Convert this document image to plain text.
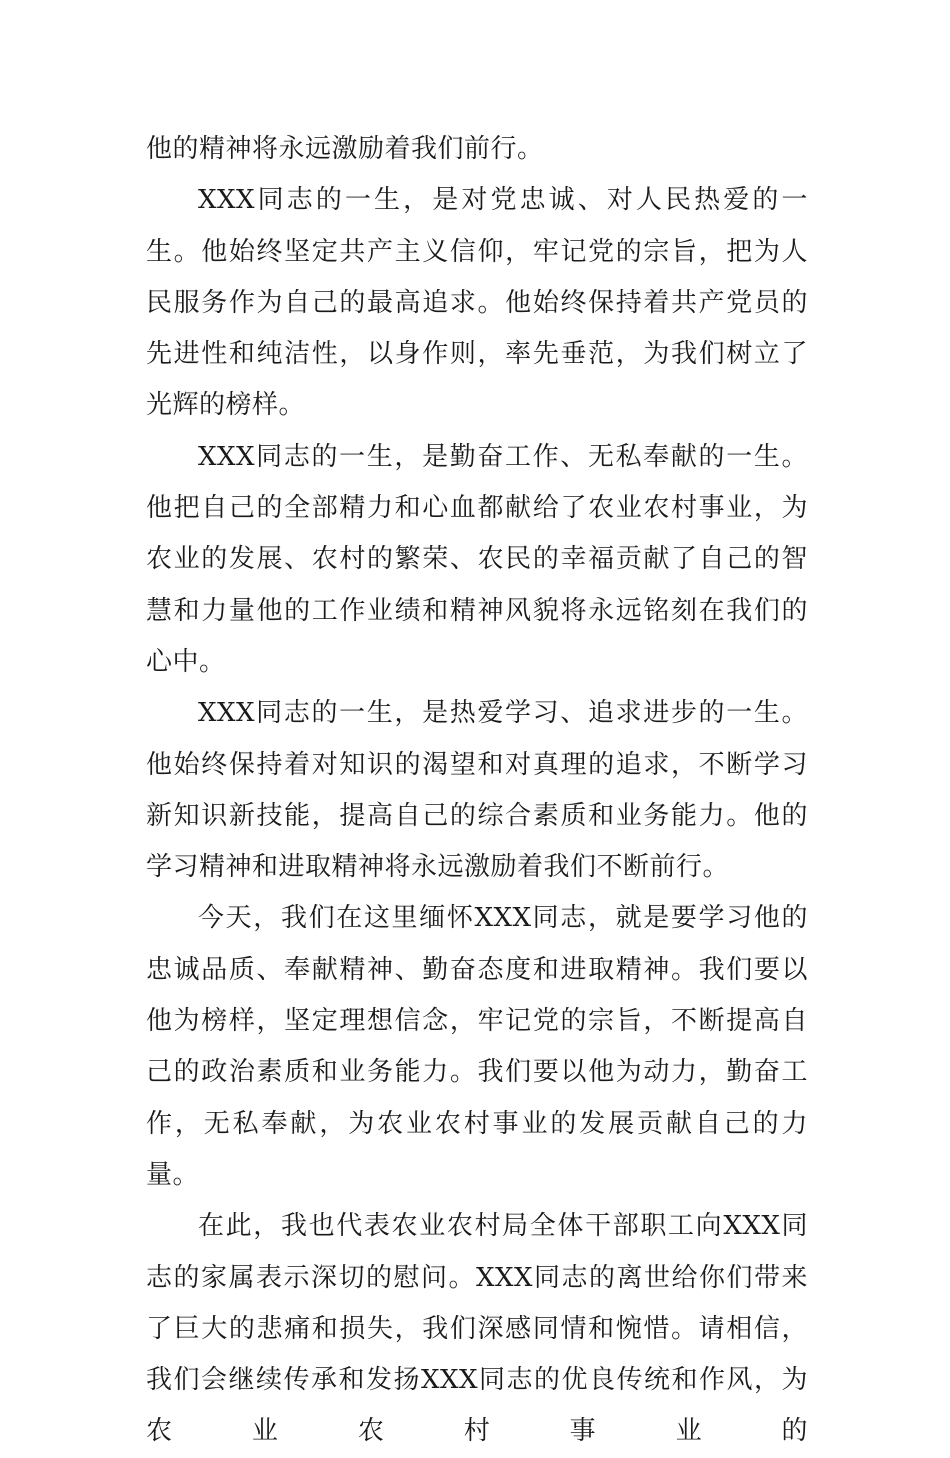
他的精神将永远激励着我们前行。

XXX同志的一生，是对党忠诚、对人民热爱的一生。他始终坚定共产主义信仰，牢记党的宗旨，把为人民服务作为自己的最高追求。他始终保持着共产党员的先进性和纯洁性，以身作则，率先垂范，为我们树立了光辉的榜样。

XXX同志的一生，是勤奋工作、无私奉献的一生。他把自己的全部精力和心血都献给了农业农村事业，为农业的发展、农村的繁荣、农民的幸福贡献了自己的智慧和力量他的工作业绩和精神风貌将永远铭刻在我们的心中。

XXX同志的一生，是热爱学习、追求进步的一生。他始终保持着对知识的渴望和对真理的追求，不断学习新知识新技能，提高自己的综合素质和业务能力。他的学习精神和进取精神将永远激励着我们不断前行。

今天，我们在这里缅怀XXX同志，就是要学习他的忠诚品质、奉献精神、勤奋态度和进取精神。我们要以他为榜样，坚定理想信念，牢记党的宗旨，不断提高自己的政治素质和业务能力。我们要以他为动力，勤奋工作，无私奉献，为农业农村事业的发展贡献自己的力量。

在此，我也代表农业农村局全体干部职工向XXX同志的家属表示深切的慰问。XXX同志的离世给你们带来了巨大的悲痛和损失，我们深感同情和惋惜。请相信，我们会继续传承和发扬XXX同志的优良传统和作风，为农业农村事业的
